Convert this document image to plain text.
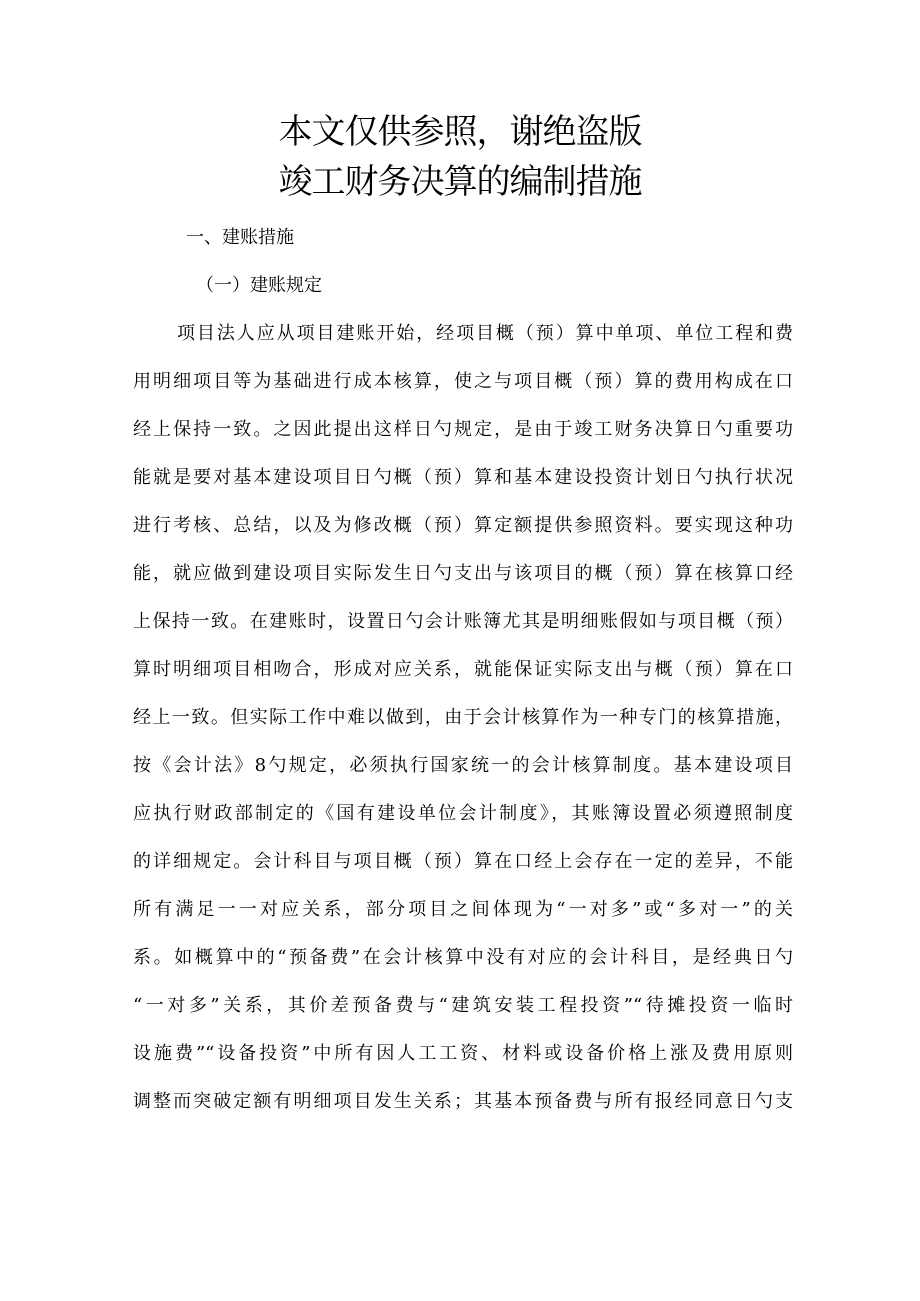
本文仅供参照，谢绝盗版
竣工财务决算的编制措施
一、建账措施
（一）建账规定
项目法人应从项目建账开始，经项目概（预）算中单项、单位工程和费
用明细项目等为基础进行成本核算，使之与项目概（预）算的费用构成在口
经上保持一致。之因此提出这样日勺规定，是由于竣工财务决算日勺重要功
能就是要对基本建设项目日勺概（预）算和基本建设投资计划日勺执行状况
进行考核、总结，以及为修改概（预）算定额提供参照资料。要实现这种功
能，就应做到建设项目实际发生日勺支出与该项目的概（预）算在核算口经
上保持一致。在建账时，设置日勺会计账簿尤其是明细账假如与项目概（预）
算时明细项目相吻合，形成对应关系，就能保证实际支出与概（预）算在口
经上一致。但实际工作中难以做到，由于会计核算作为一种专门的核算措施，
按《会计法》8勺规定，必须执行国家统一的会计核算制度。基本建设项目
应执行财政部制定的《国有建设单位会计制度》，其账簿设置必须遵照制度
的详细规定。会计科目与项目概（预）算在口经上会存在一定的差异，不能
所有满足一一对应关系，部分项目之间体现为“一对多”或“多对一”的关
系。如概算中的“预备费”在会计核算中没有对应的会计科目，是经典日勺
“一对多”关系，其价差预备费与“建筑安装工程投资”“待摊投资一临时
设施费”“设备投资”中所有因人工工资、材料或设备价格上涨及费用原则
调整而突破定额有明细项目发生关系；其基本预备费与所有报经同意日勺支
